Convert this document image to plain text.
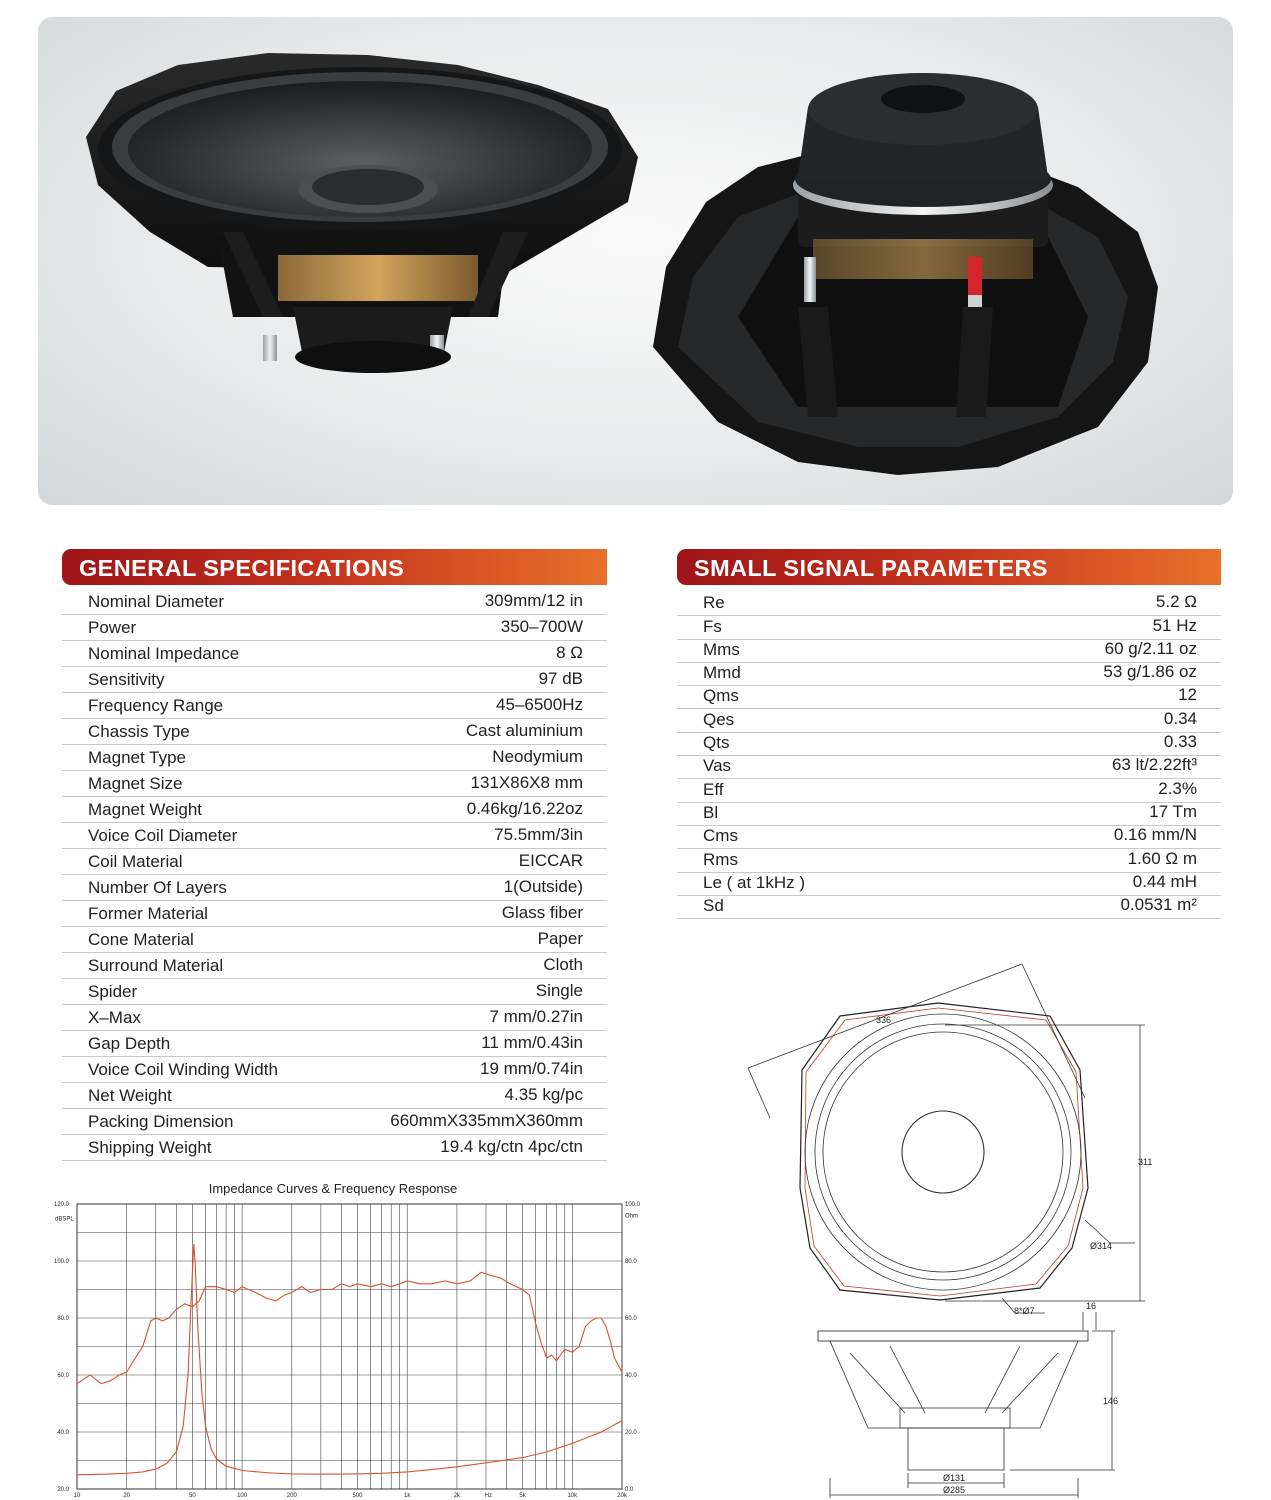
GENERAL SPECIFICATIONS
Nominal Diameter	309mm/12 in
Power	350–700W
Nominal Impedance	8 Ω
Sensitivity	97 dB
Frequency Range	45–6500Hz
Chassis Type	Cast aluminium
Magnet Type	Neodymium
Magnet Size	131X86X8 mm
Magnet Weight	0.46kg/16.22oz
Voice Coil Diameter	75.5mm/3in
Coil Material	EICCAR
Number Of Layers	1(Outside)
Former Material	Glass fiber
Cone Material	Paper
Surround Material	Cloth
Spider	Single
X–Max	7 mm/0.27in
Gap Depth	11 mm/0.43in
Voice Coil Winding Width	19 mm/0.74in
Net Weight	4.35 kg/pc
Packing Dimension	660mmX335mmX360mm
Shipping Weight	19.4 kg/ctn 4pc/ctn
SMALL SIGNAL PARAMETERS
Re	5.2 Ω
Fs	51 Hz
Mms	60 g/2.11 oz
Mmd	53 g/1.86 oz
Qms	12
Qes	0.34
Qts	0.33
Vas	63 lt/2.22ft³
Eff	2.3%
Bl	17 Tm
Cms	0.16 mm/N
Rms	1.60 Ω m
Le ( at 1kHz )	0.44 mH
Sd	0.0531 m²
Impedance Curves & Frequency Response
120.0
100.0
80.0
60.0
40.0
20.0
100.0
80.0
60.0
40.0
20.0
0.0
dBSPL	Ohm
10	20	50	100	200	500	1k	2k	5k	10k	20k
Hz
336
311
Ø314
8*Ø7	16
146
Ø131
Ø285
